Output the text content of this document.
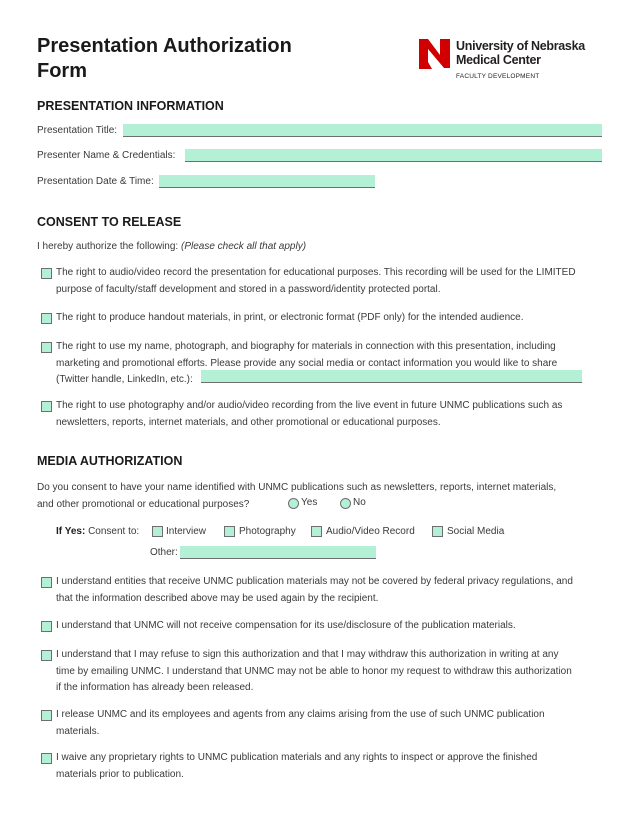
Presentation Authorization
Form
University of Nebraska
Medical Center
FACULTY DEVELOPMENT
PRESENTATION INFORMATION
Presentation Title:
Presenter Name & Credentials:
Presentation Date & Time:
CONSENT TO RELEASE
I hereby authorize the following: (Please check all that apply)
The right to audio/video record the presentation for educational purposes. This recording will be used for the LIMITED
purpose of faculty/staff development and stored in a password/identity protected portal.
The right to produce handout materials, in print, or electronic format (PDF only) for the intended audience.
The right to use my name, photograph, and biography for materials in connection with this presentation, including
marketing and promotional efforts. Please provide any social media or contact information you would like to share
(Twitter handle, LinkedIn, etc.):
The right to use photography and/or audio/video recording from the live event in future UNMC publications such as
newsletters, reports, internet materials, and other promotional or educational purposes.
MEDIA AUTHORIZATION
Do you consent to have your name identified with UNMC publications such as newsletters, reports, internet materials,
and other promotional or educational purposes?	Yes	No
If Yes: Consent to:	Interview	Photography	Audio/Video Record	Social Media
Other:
I understand entities that receive UNMC publication materials may not be covered by federal privacy regulations, and
that the information described above may be used again by the recipient.
I understand that UNMC will not receive compensation for its use/disclosure of the publication materials.
I understand that I may refuse to sign this authorization and that I may withdraw this authorization in writing at any
time by emailing UNMC. I understand that UNMC may not be able to honor my request to withdraw this authorization
if the information has already been released.
I release UNMC and its employees and agents from any claims arising from the use of such UNMC publication
materials.
I waive any proprietary rights to UNMC publication materials and any rights to inspect or approve the finished
materials prior to publication.
